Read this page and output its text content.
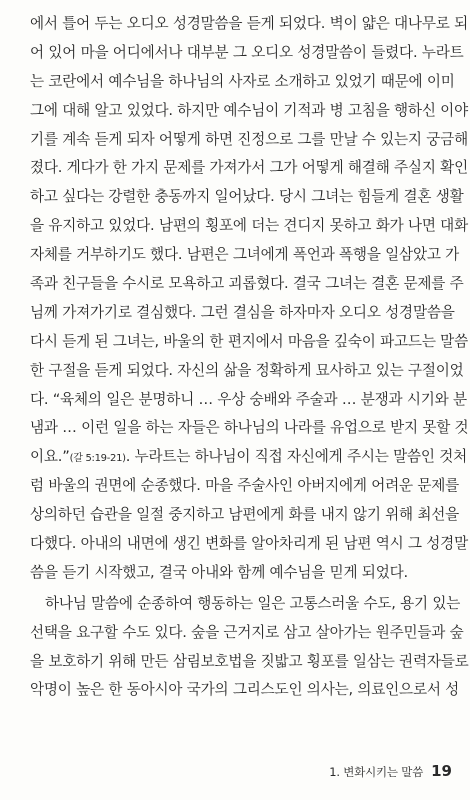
에서 틀어 두는 오디오 성경말씀을 듣게 되었다. 벽이 얇은 대나무로 되
어 있어 마을 어디에서나 대부분 그 오디오 성경말씀이 들렸다. 누라트
는 코란에서 예수님을 하나님의 사자로 소개하고 있었기 때문에 이미
그에 대해 알고 있었다. 하지만 예수님이 기적과 병 고침을 행하신 이야
기를 계속 듣게 되자 어떻게 하면 진정으로 그를 만날 수 있는지 궁금해
졌다. 게다가 한 가지 문제를 가져가서 그가 어떻게 해결해 주실지 확인
하고 싶다는 강렬한 충동까지 일어났다. 당시 그녀는 힘들게 결혼 생활
을 유지하고 있었다. 남편의 횡포에 더는 견디지 못하고 화가 나면 대화
자체를 거부하기도 했다. 남편은 그녀에게 폭언과 폭행을 일삼았고 가
족과 친구들을 수시로 모욕하고 괴롭혔다. 결국 그녀는 결혼 문제를 주
님께 가져가기로 결심했다. 그런 결심을 하자마자 오디오 성경말씀을
다시 듣게 된 그녀는, 바울의 한 편지에서 마음을 깊숙이 파고드는 말씀
한 구절을 듣게 되었다. 자신의 삶을 정확하게 묘사하고 있는 구절이었
다. “육체의 일은 분명하니 … 우상 숭배와 주술과 … 분쟁과 시기와 분
냄과 … 이런 일을 하는 자들은 하나님의 나라를 유업으로 받지 못할 것
이요.”(갈 5:19-21). 누라트는 하나님이 직접 자신에게 주시는 말씀인 것처
럼 바울의 권면에 순종했다. 마을 주술사인 아버지에게 어려운 문제를
상의하던 습관을 일절 중지하고 남편에게 화를 내지 않기 위해 최선을
다했다. 아내의 내면에 생긴 변화를 알아차리게 된 남편 역시 그 성경말
씀을 듣기 시작했고, 결국 아내와 함께 예수님을 믿게 되었다.

하나님 말씀에 순종하여 행동하는 일은 고통스러울 수도, 용기 있는
선택을 요구할 수도 있다. 숲을 근거지로 삼고 살아가는 원주민들과 숲
을 보호하기 위해 만든 삼림보호법을 짓밟고 횡포를 일삼는 권력자들로
악명이 높은 한 동아시아 국가의 그리스도인 의사는, 의료인으로서 성

1. 변화시키는 말씀 19
